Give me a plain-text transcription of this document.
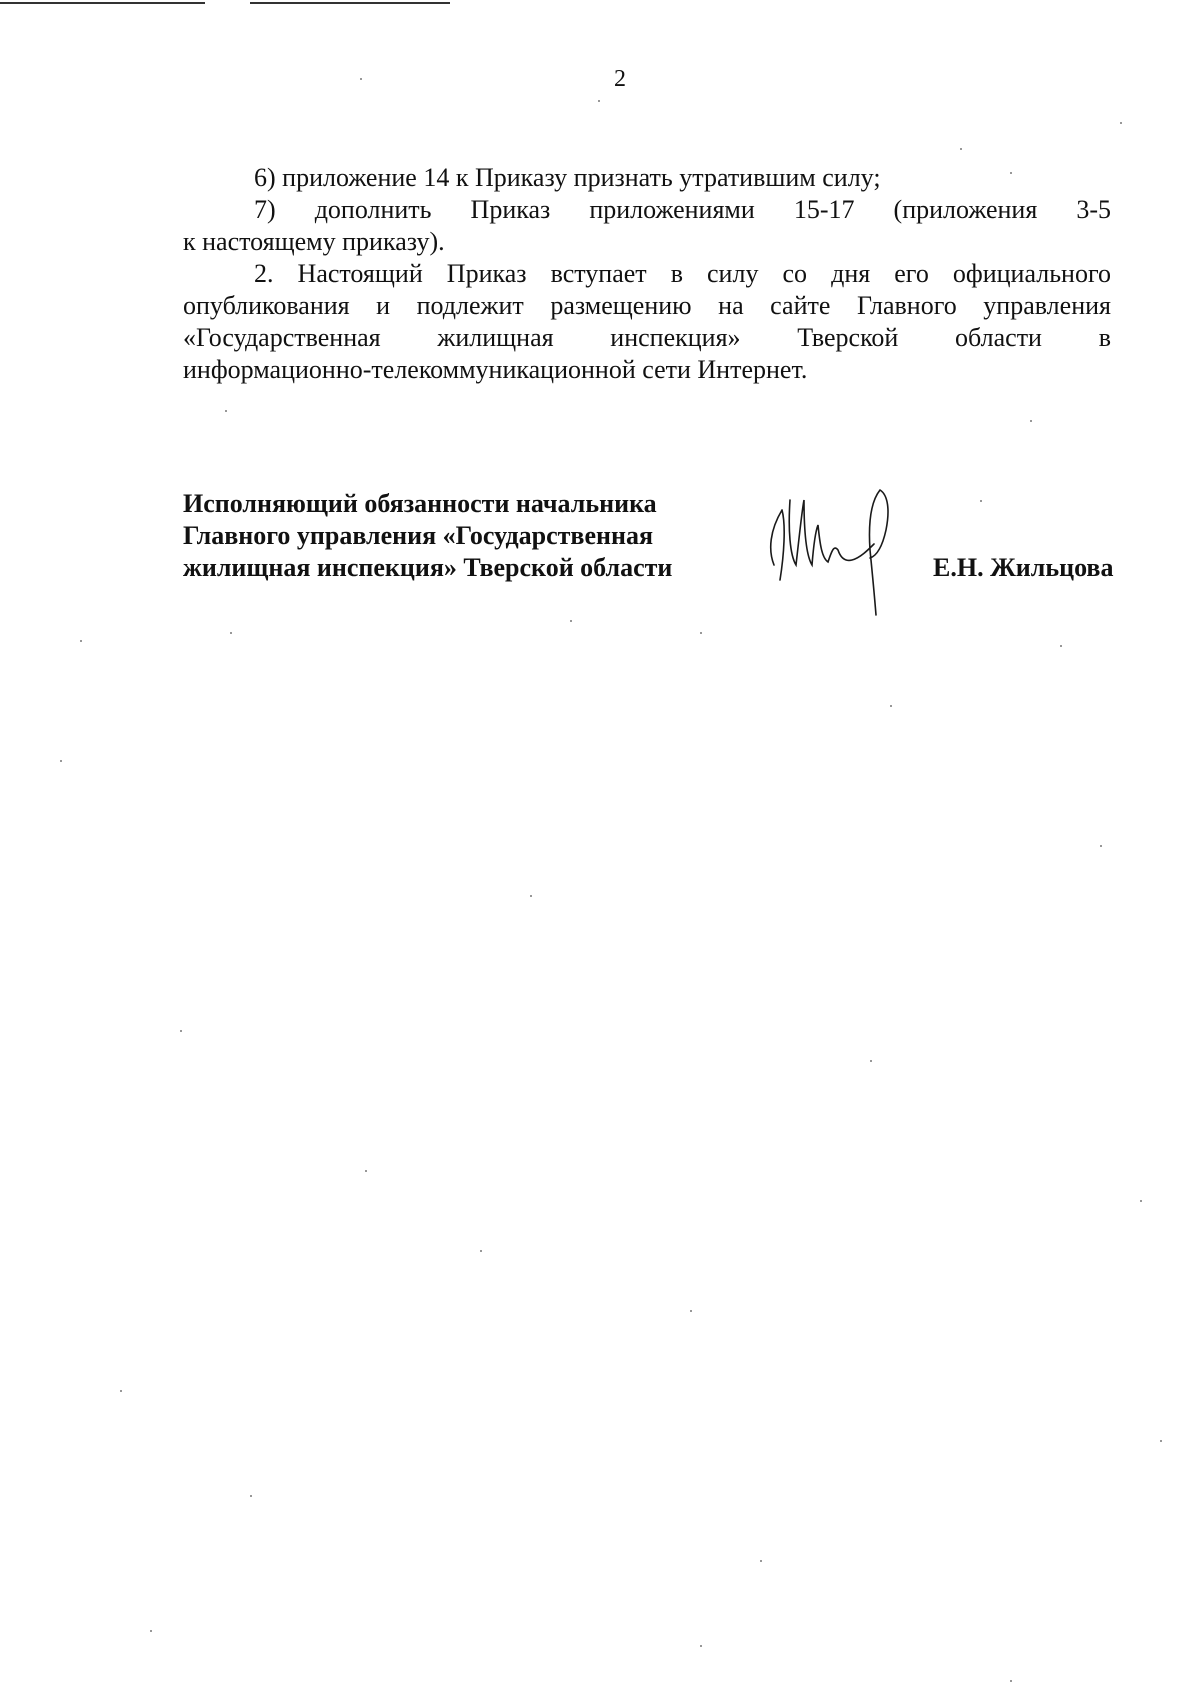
2

6) приложение 14 к Приказу признать утратившим силу;

7) дополнить Приказ приложениями 15-17 (приложения 3-5

к настоящему приказу).

2. Настоящий Приказ вступает в силу со дня его официального опубликования и подлежит размещению на сайте Главного управления «Государственная жилищная инспекция» Тверской области в

информационно-телекоммуникационной сети Интернет.

Исполняющий обязанности начальника
Главного управления «Государственная
жилищная инспекция» Тверской области	Е.Н. Жильцова
